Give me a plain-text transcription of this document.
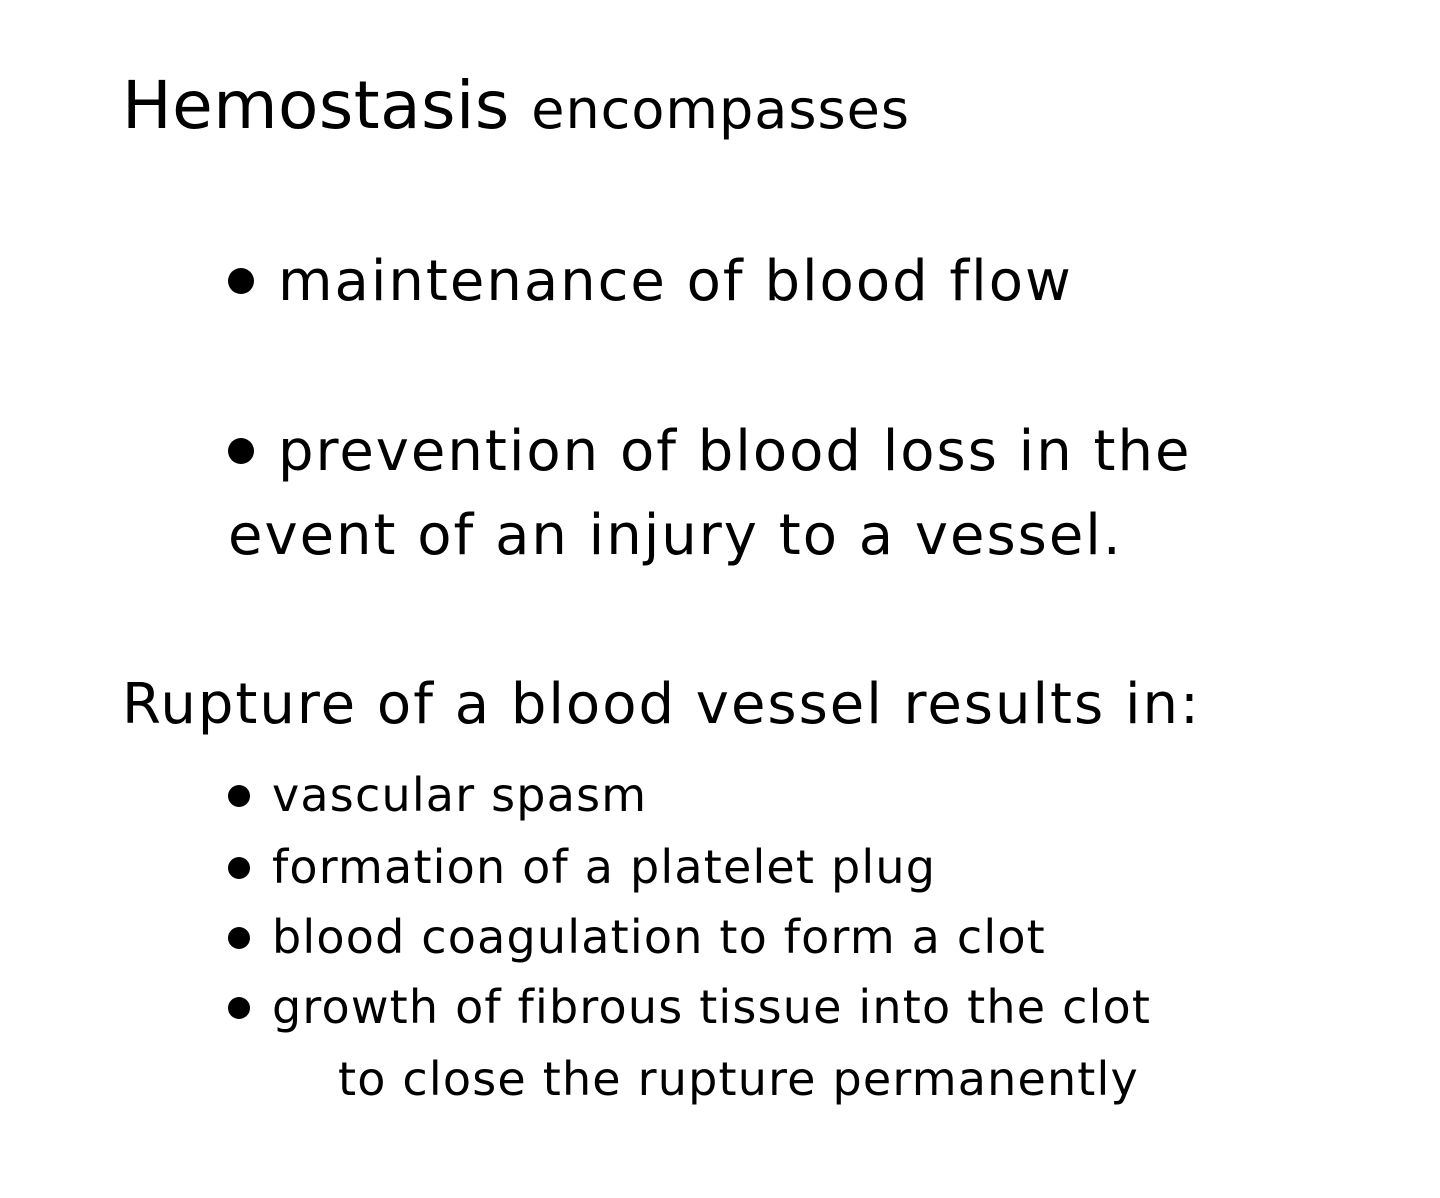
Hemostasis encompasses
maintenance of blood flow
prevention of blood loss in the
event of an injury to a vessel.
Rupture of a blood vessel results in:
vascular spasm
formation of a platelet plug
blood coagulation to form a clot
growth of fibrous tissue into the clot
to close the rupture permanently
